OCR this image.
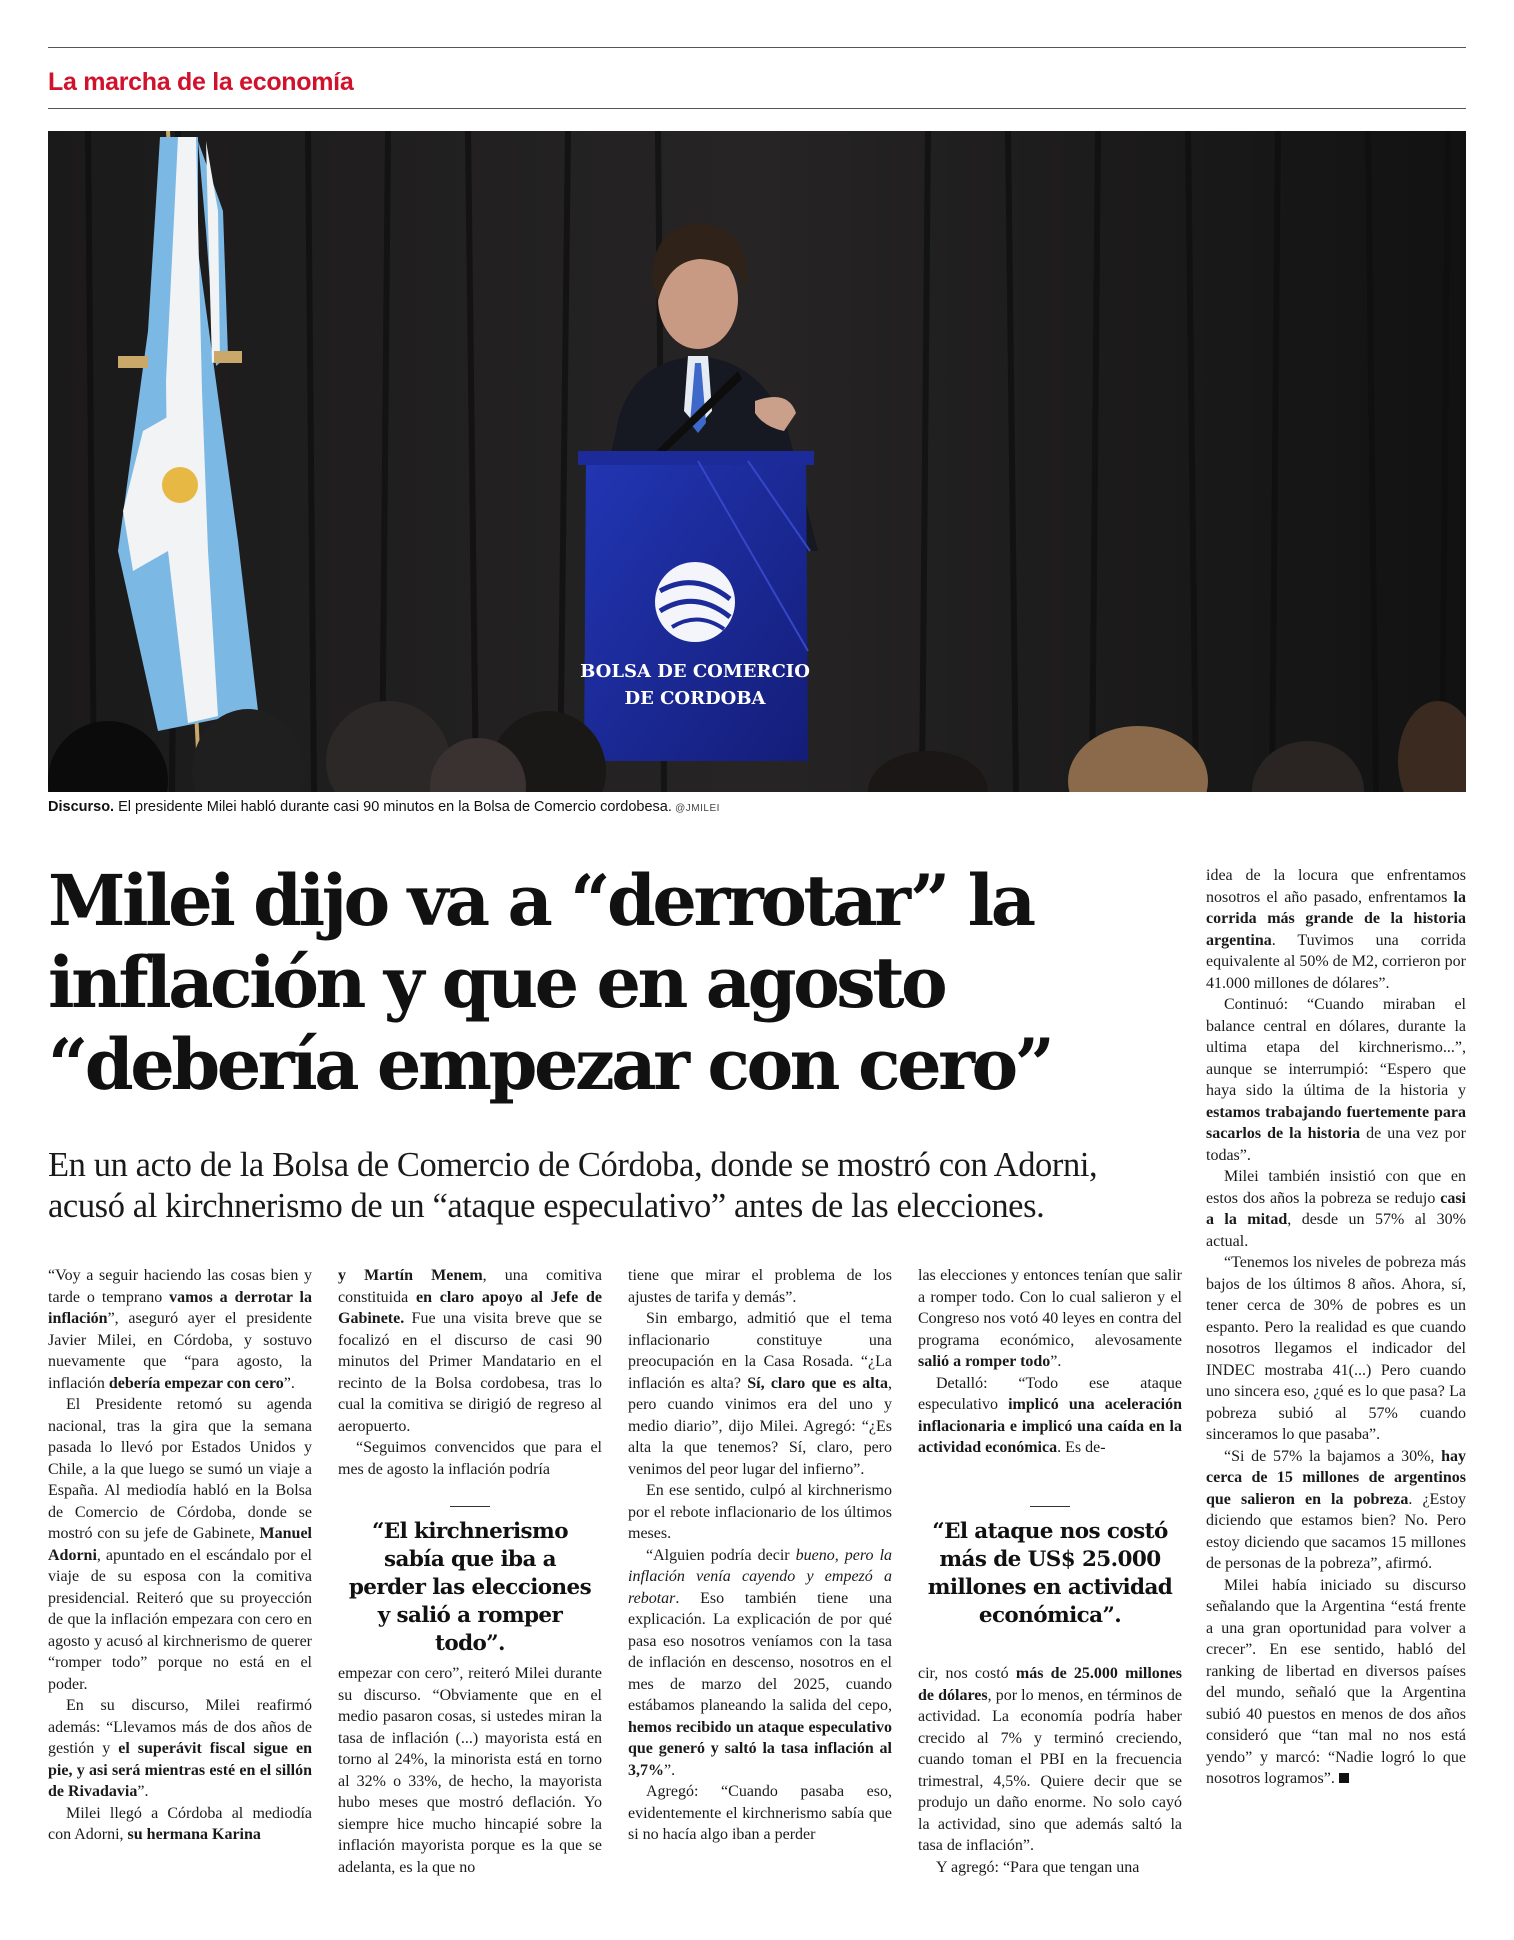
La marcha de la economía
BOLSA DE COMERCIO
DE CORDOBA

Discurso. El presidente Milei habló durante casi 90 minutos en la Bolsa de Comercio cordobesa. @JMILEI

Milei dijo va a “derrotar” la
inflación y que en agosto
“debería empezar con cero”

En un acto de la Bolsa de Comercio de Córdoba, donde se mostró con Adorni,
acusó al kirchnerismo de un “ataque especulativo” antes de las elecciones.

“Voy a seguir haciendo las cosas bien y tarde o temprano vamos a derrotar la inflación”, aseguró ayer el presidente Javier Milei, en Córdoba, y sostuvo nuevamente que “para agosto, la inflación debería empezar con cero”.

El Presidente retomó su agenda nacional, tras la gira que la semana pasada lo llevó por Estados Unidos y Chile, a la que luego se sumó un viaje a España. Al mediodía habló en la Bolsa de Comercio de Córdoba, donde se mostró con su jefe de Gabinete, Manuel Adorni, apuntado en el escándalo por el viaje de su esposa con la comitiva presidencial. Reiteró que su proyección de que la inflación empezara con cero en agosto y acusó al kirchnerismo de querer “romper todo” porque no está en el poder.

En su discurso, Milei reafirmó además: “Llevamos más de dos años de gestión y el superávit fiscal sigue en pie, y asi será mientras esté en el sillón de Rivadavia”.

Milei llegó a Córdoba al mediodía con Adorni, su hermana Karina

y Martín Menem, una comitiva constituida en claro apoyo al Jefe de Gabinete. Fue una visita breve que se focalizó en el discurso de casi 90 minutos del Primer Mandatario en el recinto de la Bolsa cordobesa, tras lo cual la comitiva se dirigió de regreso al aeropuerto.

“Seguimos convencidos que para el mes de agosto la inflación podría

“El kirchnerismo sabía que iba a perder las elecciones y salió a romper todo”.

empezar con cero”, reiteró Milei durante su discurso. “Obviamente que en el medio pasaron cosas, si ustedes miran la tasa de inflación (...) mayorista está en torno al 24%, la minorista está en torno al 32% o 33%, de hecho, la mayorista hubo meses que mostró deflación. Yo siempre hice mucho hincapié sobre la inflación mayorista porque es la que se adelanta, es la que no

tiene que mirar el problema de los ajustes de tarifa y demás”.

Sin embargo, admitió que el tema inflacionario constituye una preocupación en la Casa Rosada. “¿La inflación es alta? Sí, claro que es alta, pero cuando vinimos era del uno y medio diario”, dijo Milei. Agregó: “¿Es alta la que tenemos? Sí, claro, pero venimos del peor lugar del infierno”.

En ese sentido, culpó al kirchnerismo por el rebote inflacionario de los últimos meses.

“Alguien podría decir bueno, pero la inflación venía cayendo y empezó a rebotar. Eso también tiene una explicación. La explicación de por qué pasa eso nosotros veníamos con la tasa de inflación en descenso, nosotros en el mes de marzo del 2025, cuando estábamos planeando la salida del cepo, hemos recibido un ataque especulativo que generó y saltó la tasa inflación al 3,7%”.

Agregó: “Cuando pasaba eso, evidentemente el kirchnerismo sabía que si no hacía algo iban a perder

las elecciones y entonces tenían que salir a romper todo. Con lo cual salieron y el Congreso nos votó 40 leyes en contra del programa económico, alevosamente salió a romper todo”.

Detalló: “Todo ese ataque especulativo implicó una aceleración inflacionaria e implicó una caída en la actividad económica. Es de-

“El ataque nos costó más de US$ 25.000 millones en actividad económica”.

cir, nos costó más de 25.000 millones de dólares, por lo menos, en términos de actividad. La economía podría haber crecido al 7% y terminó creciendo, cuando toman el PBI en la frecuencia trimestral, 4,5%. Quiere decir que se produjo un daño enorme. No solo cayó la actividad, sino que además saltó la tasa de inflación”.

Y agregó: “Para que tengan una

idea de la locura que enfrentamos nosotros el año pasado, enfrentamos la corrida más grande de la historia argentina. Tuvimos una corrida equivalente al 50% de M2, corrieron por 41.000 millones de dólares”.

Continuó: “Cuando miraban el balance central en dólares, durante la ultima etapa del kirchnerismo...”, aunque se interrumpió: “Espero que haya sido la última de la historia y estamos trabajando fuertemente para sacarlos de la historia de una vez por todas”.

Milei también insistió con que en estos dos años la pobreza se redujo casi a la mitad, desde un 57% al 30% actual.

“Tenemos los niveles de pobreza más bajos de los últimos 8 años. Ahora, sí, tener cerca de 30% de pobres es un espanto. Pero la realidad es que cuando nosotros llegamos el indicador del INDEC mostraba 41(...) Pero cuando uno sincera eso, ¿qué es lo que pasa? La pobreza subió al 57% cuando sinceramos lo que pasaba”.

“Si de 57% la bajamos a 30%, hay cerca de 15 millones de argentinos que salieron en la pobreza. ¿Estoy diciendo que estamos bien? No. Pero estoy diciendo que sacamos 15 millones de personas de la pobreza”, afirmó.

Milei había iniciado su discurso señalando que la Argentina “está frente a una gran oportunidad para volver a crecer”. En ese sentido, habló del ranking de libertad en diversos países del mundo, señaló que la Argentina subió 40 puestos en menos de dos años consideró que “tan mal no nos está yendo” y marcó: “Nadie logró lo que nosotros logramos”.
